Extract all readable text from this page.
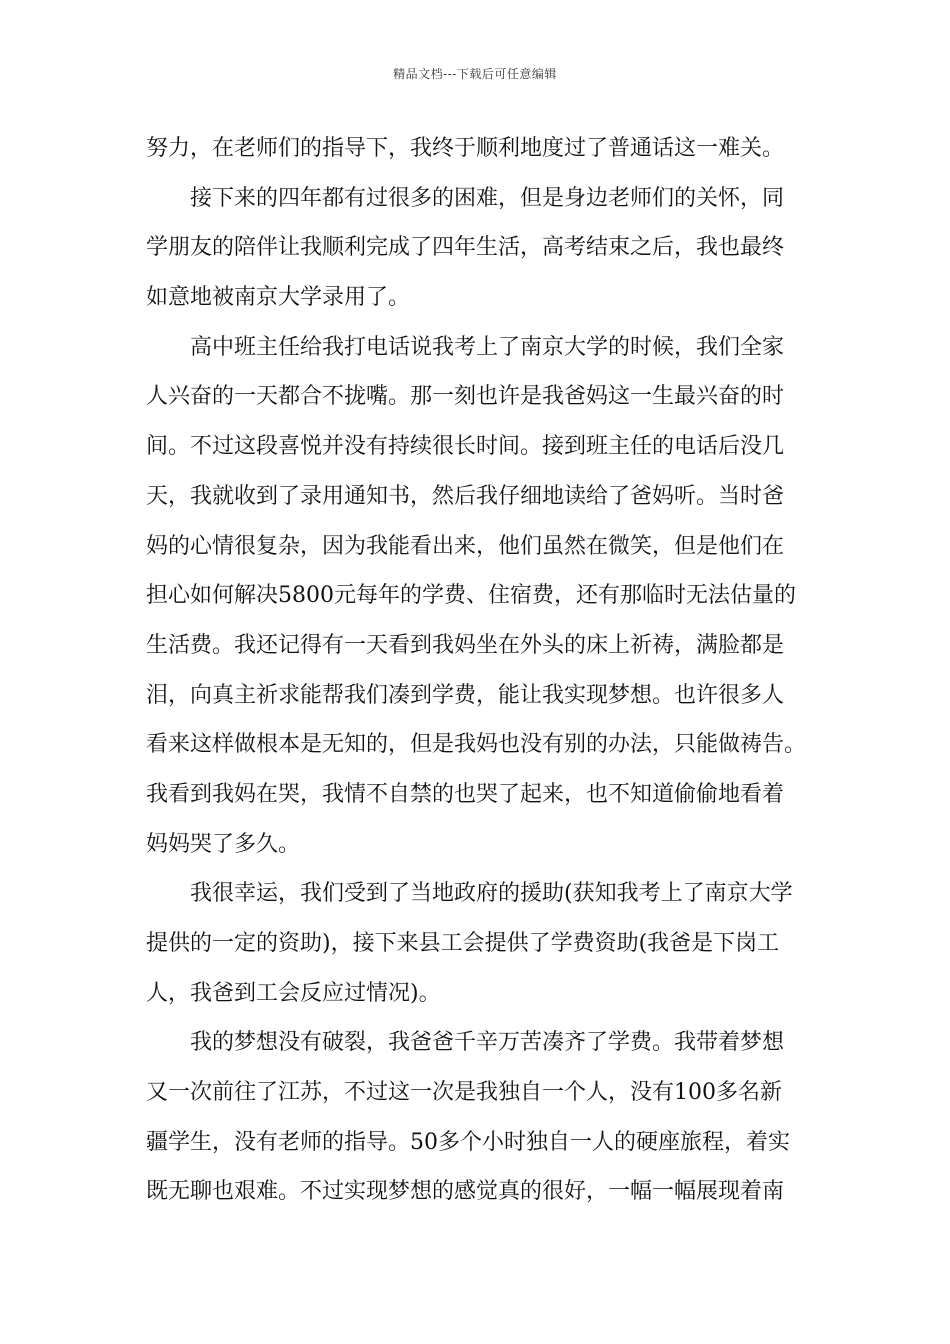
精品文档---下载后可任意编辑
努力，在老师们的指导下，我终于顺利地度过了普通话这一难关。
接下来的四年都有过很多的困难，但是身边老师们的关怀，同
学朋友的陪伴让我顺利完成了四年生活，高考结束之后，我也最终
如意地被南京大学录用了。
高中班主任给我打电话说我考上了南京大学的时候，我们全家
人兴奋的一天都合不拢嘴。那一刻也许是我爸妈这一生最兴奋的时
间。不过这段喜悦并没有持续很长时间。接到班主任的电话后没几
天，我就收到了录用通知书，然后我仔细地读给了爸妈听。当时爸
妈的心情很复杂，因为我能看出来，他们虽然在微笑，但是他们在
担心如何解决5800元每年的学费、住宿费，还有那临时无法估量的
生活费。我还记得有一天看到我妈坐在外头的床上祈祷，满脸都是
泪，向真主祈求能帮我们凑到学费，能让我实现梦想。也许很多人
看来这样做根本是无知的，但是我妈也没有别的办法，只能做祷告。
我看到我妈在哭，我情不自禁的也哭了起来，也不知道偷偷地看着
妈妈哭了多久。
我很幸运，我们受到了当地政府的援助(获知我考上了南京大学
提供的一定的资助)，接下来县工会提供了学费资助(我爸是下岗工
人，我爸到工会反应过情况)。
我的梦想没有破裂，我爸爸千辛万苦凑齐了学费。我带着梦想
又一次前往了江苏，不过这一次是我独自一个人，没有100多名新
疆学生，没有老师的指导。50多个小时独自一人的硬座旅程，着实
既无聊也艰难。不过实现梦想的感觉真的很好，一幅一幅展现着南
